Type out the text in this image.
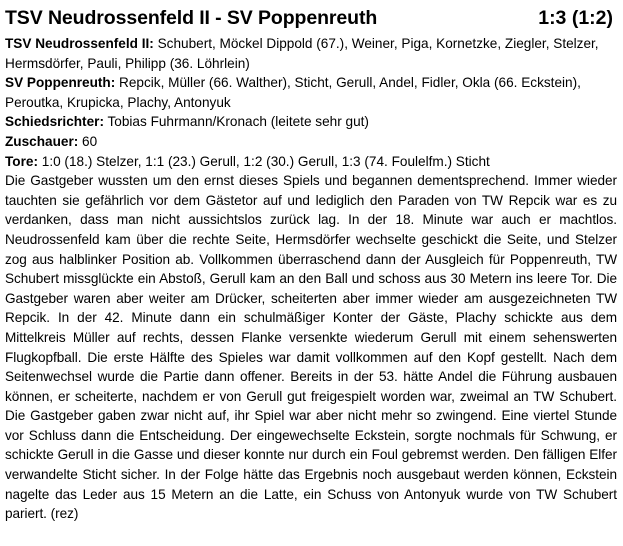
TSV Neudrossenfeld II - SV Poppenreuth	1:3 (1:2)
TSV Neudrossenfeld II: Schubert, Möckel Dippold (67.), Weiner, Piga, Kornetzke, Ziegler, Stelzer, Hermsdörfer, Pauli, Philipp (36. Löhrlein)
SV Poppenreuth: Repcik, Müller (66. Walther), Sticht, Gerull, Andel, Fidler, Okla (66. Eckstein), Peroutka, Krupicka, Plachy, Antonyuk
Schiedsrichter: Tobias Fuhrmann/Kronach (leitete sehr gut)
Zuschauer: 60
Tore: 1:0 (18.) Stelzer, 1:1 (23.) Gerull, 1:2 (30.) Gerull, 1:3 (74. Foulelfm.) Sticht
Die Gastgeber wussten um den ernst dieses Spiels und begannen dementsprechend. Immer wieder tauchten sie gefährlich vor dem Gästetor auf und lediglich den Paraden von TW Repcik war es zu verdanken, dass man nicht aussichtslos zurück lag. In der 18. Minute war auch er machtlos. Neudrossenfeld kam über die rechte Seite, Hermsdörfer wechselte geschickt die Seite, und Stelzer zog aus halblinker Position ab. Vollkommen überraschend dann der Ausgleich für Poppenreuth, TW Schubert missglückte ein Abstoß, Gerull kam an den Ball und schoss aus 30 Metern ins leere Tor. Die Gastgeber waren aber weiter am Drücker, scheiterten aber immer wieder am ausgezeichneten TW Repcik. In der 42. Minute dann ein schulmäßiger Konter der Gäste, Plachy schickte aus dem Mittelkreis Müller auf rechts, dessen Flanke versenkte wiederum Gerull mit einem sehenswerten Flugkopfball. Die erste Hälfte des Spieles war damit vollkommen auf den Kopf gestellt. Nach dem Seitenwechsel wurde die Partie dann offener. Bereits in der 53. hätte Andel die Führung ausbauen können, er scheiterte, nachdem er von Gerull gut freigespielt worden war, zweimal an TW Schubert. Die Gastgeber gaben zwar nicht auf, ihr Spiel war aber nicht mehr so zwingend. Eine viertel Stunde vor Schluss dann die Entscheidung. Der eingewechselte Eckstein, sorgte nochmals für Schwung, er schickte Gerull in die Gasse und dieser konnte nur durch ein Foul gebremst werden. Den fälligen Elfer verwandelte Sticht sicher. In der Folge hätte das Ergebnis noch ausgebaut werden können, Eckstein nagelte das Leder aus 15 Metern an die Latte, ein Schuss von Antonyuk wurde von TW Schubert pariert. (rez)
